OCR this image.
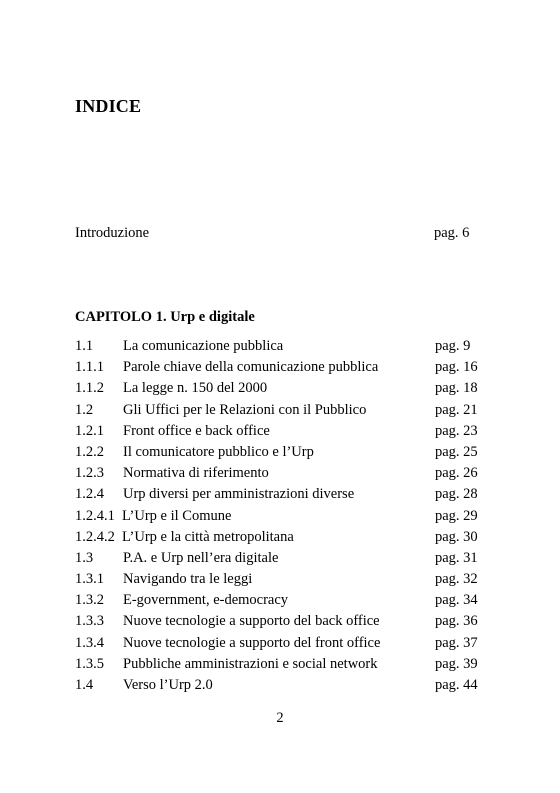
INDICE
Introduzione	pag. 6
CAPITOLO 1. Urp e digitale
1.1 La comunicazione pubblica	pag. 9
1.1.1 Parole chiave della comunicazione pubblica	pag. 16
1.1.2 La legge n. 150 del 2000	pag. 18
1.2 Gli Uffici per le Relazioni con il Pubblico	pag. 21
1.2.1 Front office e back office	pag. 23
1.2.2 Il comunicatore pubblico e l’Urp	pag. 25
1.2.3 Normativa di riferimento	pag. 26
1.2.4 Urp diversi per amministrazioni diverse	pag. 28
1.2.4.1 L’Urp e il Comune	pag. 29
1.2.4.2 L’Urp e la città metropolitana	pag. 30
1.3 P.A. e Urp nell’era digitale	pag. 31
1.3.1 Navigando tra le leggi	pag. 32
1.3.2 E-government, e-democracy	pag. 34
1.3.3 Nuove tecnologie a supporto del back office	pag. 36
1.3.4 Nuove tecnologie a supporto del front office	pag. 37
1.3.5 Pubbliche amministrazioni e social network	pag. 39
1.4 Verso l’Urp 2.0	pag. 44
2
